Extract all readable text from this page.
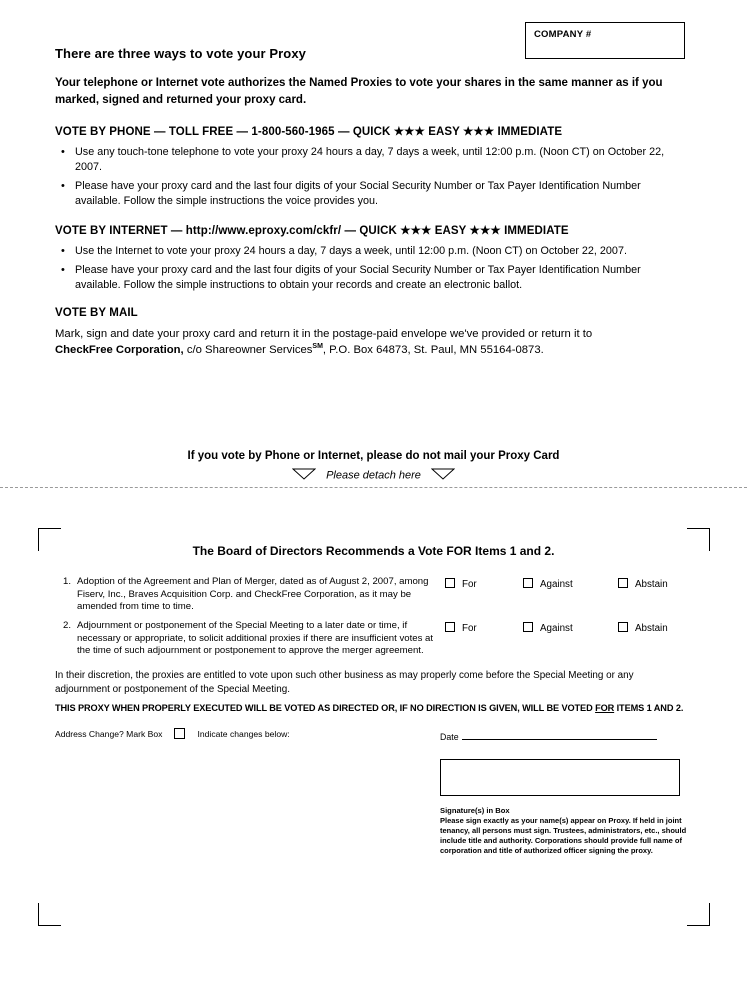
COMPANY #
There are three ways to vote your Proxy
Your telephone or Internet vote authorizes the Named Proxies to vote your shares in the same manner as if you marked, signed and returned your proxy card.
VOTE BY PHONE — TOLL FREE — 1-800-560-1965 — QUICK ★★★ EASY ★★★ IMMEDIATE
• Use any touch-tone telephone to vote your proxy 24 hours a day, 7 days a week, until 12:00 p.m. (Noon CT) on October 22, 2007.
• Please have your proxy card and the last four digits of your Social Security Number or Tax Payer Identification Number available. Follow the simple instructions the voice provides you.
VOTE BY INTERNET — http://www.eproxy.com/ckfr/ — QUICK ★★★ EASY ★★★ IMMEDIATE
• Use the Internet to vote your proxy 24 hours a day, 7 days a week, until 12:00 p.m. (Noon CT) on October 22, 2007.
• Please have your proxy card and the last four digits of your Social Security Number or Tax Payer Identification Number available. Follow the simple instructions to obtain your records and create an electronic ballot.
VOTE BY MAIL
Mark, sign and date your proxy card and return it in the postage-paid envelope we've provided or return it to
CheckFree Corporation, c/o Shareowner Services℠, P.O. Box 64873, St. Paul, MN 55164-0873.
If you vote by Phone or Internet, please do not mail your Proxy Card
Please detach here
The Board of Directors Recommends a Vote FOR Items 1 and 2.
1. Adoption of the Agreement and Plan of Merger, dated as of August 2, 2007, among Fiserv, Inc., Braves Acquisition Corp. and CheckFree Corporation, as it may be amended from time to time.
For	Against	Abstain
2. Adjournment or postponement of the Special Meeting to a later date or time, if necessary or appropriate, to solicit additional proxies if there are insufficient votes at the time of such adjournment or postponement to approve the merger agreement.
For	Against	Abstain
In their discretion, the proxies are entitled to vote upon such other business as may properly come before the Special Meeting or any adjournment or postponement of the Special Meeting.
THIS PROXY WHEN PROPERLY EXECUTED WILL BE VOTED AS DIRECTED OR, IF NO DIRECTION IS GIVEN, WILL BE VOTED FOR ITEMS 1 AND 2.
Address Change? Mark Box	Indicate changes below:	Date
Signature(s) in Box
Please sign exactly as your name(s) appear on Proxy. If held in joint tenancy, all persons must sign. Trustees, administrators, etc., should include title and authority. Corporations should provide full name of corporation and title of authorized officer signing the proxy.
